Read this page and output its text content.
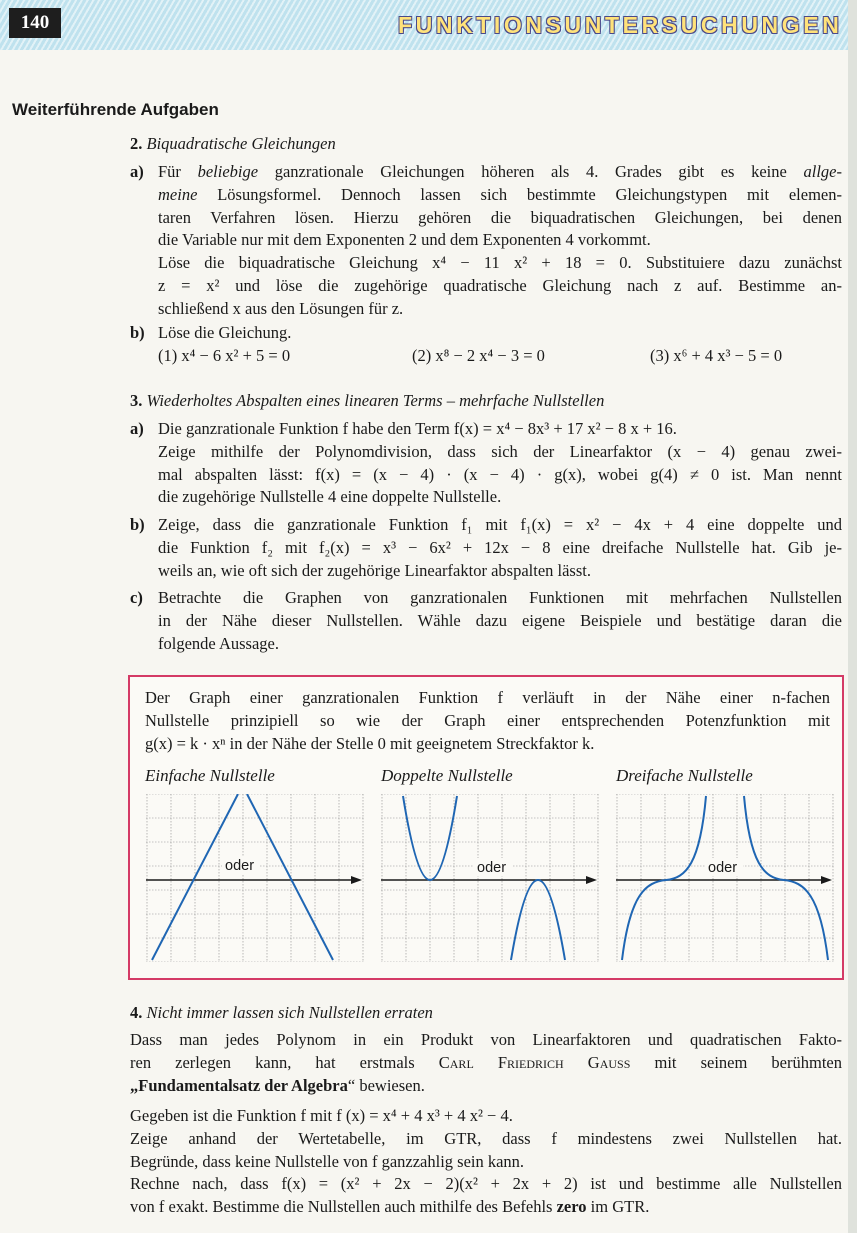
140	FUNKTIONSUNTERSUCHUNGEN
Weiterführende Aufgaben
2. Biquadratische Gleichungen
a) Für beliebige ganzrationale Gleichungen höheren als 4. Grades gibt es keine allge-
meine Lösungsformel. Dennoch lassen sich bestimmte Gleichungstypen mit elemen-
taren Verfahren lösen. Hierzu gehören die biquadratischen Gleichungen, bei denen
die Variable nur mit dem Exponenten 2 und dem Exponenten 4 vorkommt.
Löse die biquadratische Gleichung x⁴ − 11 x² + 18 = 0. Substituiere dazu zunächst
z = x² und löse die zugehörige quadratische Gleichung nach z auf. Bestimme an-
schließend x aus den Lösungen für z.
b) Löse die Gleichung.
(1) x⁴ − 6 x² + 5 = 0	(2) x⁸ − 2 x⁴ − 3 = 0	(3) x⁶ + 4 x³ − 5 = 0
3. Wiederholtes Abspalten eines linearen Terms – mehrfache Nullstellen
a) Die ganzrationale Funktion f habe den Term f(x) = x⁴ − 8x³ + 17 x² − 8 x + 16.
Zeige mithilfe der Polynomdivision, dass sich der Linearfaktor (x − 4) genau zwei-
mal abspalten lässt: f(x) = (x − 4) · (x − 4) · g(x), wobei g(4) ≠ 0 ist. Man nennt
die zugehörige Nullstelle 4 eine doppelte Nullstelle.
b) Zeige, dass die ganzrationale Funktion f₁ mit f₁(x) = x² − 4x + 4 eine doppelte und
die Funktion f₂ mit f₂(x) = x³ − 6x² + 12x − 8 eine dreifache Nullstelle hat. Gib je-
weils an, wie oft sich der zugehörige Linearfaktor abspalten lässt.
c) Betrachte die Graphen von ganzrationalen Funktionen mit mehrfachen Nullstellen
in der Nähe dieser Nullstellen. Wähle dazu eigene Beispiele und bestätige daran die
folgende Aussage.
Der Graph einer ganzrationalen Funktion f verläuft in der Nähe einer n-fachen
Nullstelle prinzipiell so wie der Graph einer entsprechenden Potenzfunktion mit
g(x) = k · xⁿ in der Nähe der Stelle 0 mit geeignetem Streckfaktor k.
Einfache Nullstelle	Doppelte Nullstelle	Dreifache Nullstelle
oder	oder	oder
4. Nicht immer lassen sich Nullstellen erraten
Dass man jedes Polynom in ein Produkt von Linearfaktoren und quadratischen Fakto-
ren zerlegen kann, hat erstmals Carl Friedrich Gauss mit seinem berühmten
„Fundamentalsatz der Algebra“ bewiesen.
Gegeben ist die Funktion f mit f (x) = x⁴ + 4 x³ + 4 x² − 4.
Zeige anhand der Wertetabelle, im GTR, dass f mindestens zwei Nullstellen hat.
Begründe, dass keine Nullstelle von f ganzzahlig sein kann.
Rechne nach, dass f(x) = (x² + 2x − 2)(x² + 2x + 2) ist und bestimme alle Nullstellen
von f exakt. Bestimme die Nullstellen auch mithilfe des Befehls zero im GTR.
